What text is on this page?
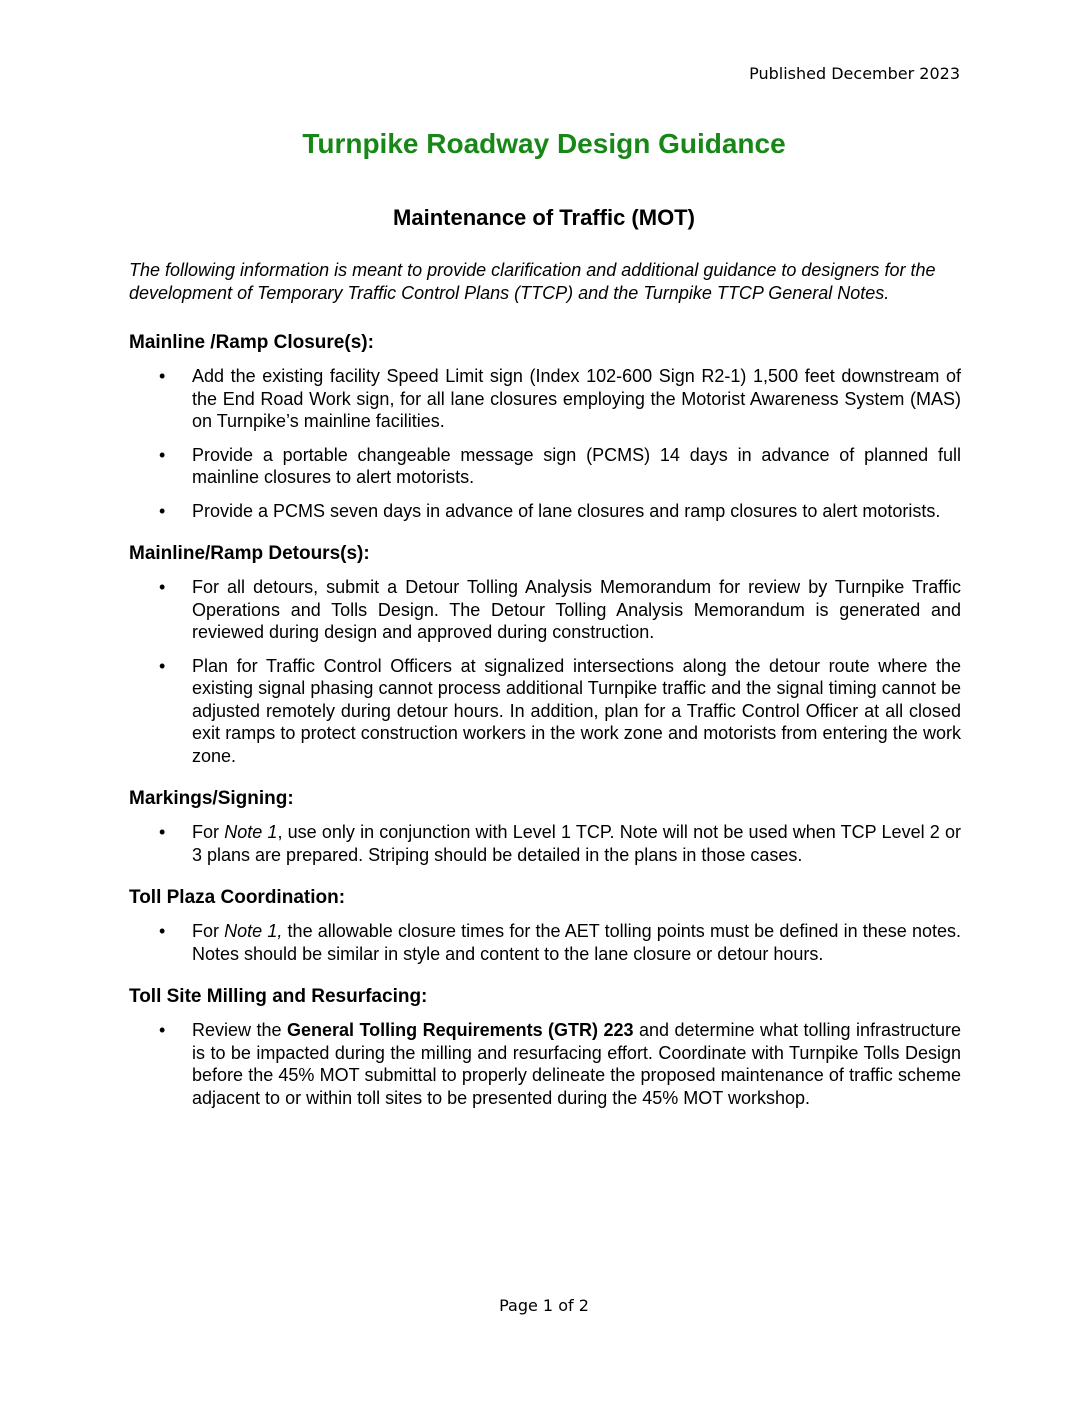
Published December 2023
Turnpike Roadway Design Guidance
Maintenance of Traffic (MOT)

The following information is meant to provide clarification and additional guidance to designers for the development of Temporary Traffic Control Plans (TTCP) and the Turnpike TTCP General Notes.

Mainline /Ramp Closure(s):
• Add the existing facility Speed Limit sign (Index 102-600 Sign R2-1) 1,500 feet downstream of the End Road Work sign, for all lane closures employing the Motorist Awareness System (MAS) on Turnpike’s mainline facilities.
• Provide a portable changeable message sign (PCMS) 14 days in advance of planned full mainline closures to alert motorists.
• Provide a PCMS seven days in advance of lane closures and ramp closures to alert motorists.
Mainline/Ramp Detours(s):
• For all detours, submit a Detour Tolling Analysis Memorandum for review by Turnpike Traffic Operations and Tolls Design. The Detour Tolling Analysis Memorandum is generated and reviewed during design and approved during construction.
• Plan for Traffic Control Officers at signalized intersections along the detour route where the existing signal phasing cannot process additional Turnpike traffic and the signal timing cannot be adjusted remotely during detour hours. In addition, plan for a Traffic Control Officer at all closed exit ramps to protect construction workers in the work zone and motorists from entering the work zone.
Markings/Signing:
• For Note 1, use only in conjunction with Level 1 TCP. Note will not be used when TCP Level 2 or 3 plans are prepared. Striping should be detailed in the plans in those cases.
Toll Plaza Coordination:
• For Note 1, the allowable closure times for the AET tolling points must be defined in these notes. Notes should be similar in style and content to the lane closure or detour hours.
Toll Site Milling and Resurfacing:
• Review the General Tolling Requirements (GTR) 223 and determine what tolling infrastructure is to be impacted during the milling and resurfacing effort. Coordinate with Turnpike Tolls Design before the 45% MOT submittal to properly delineate the proposed maintenance of traffic scheme adjacent to or within toll sites to be presented during the 45% MOT workshop.
Page 1 of 2
